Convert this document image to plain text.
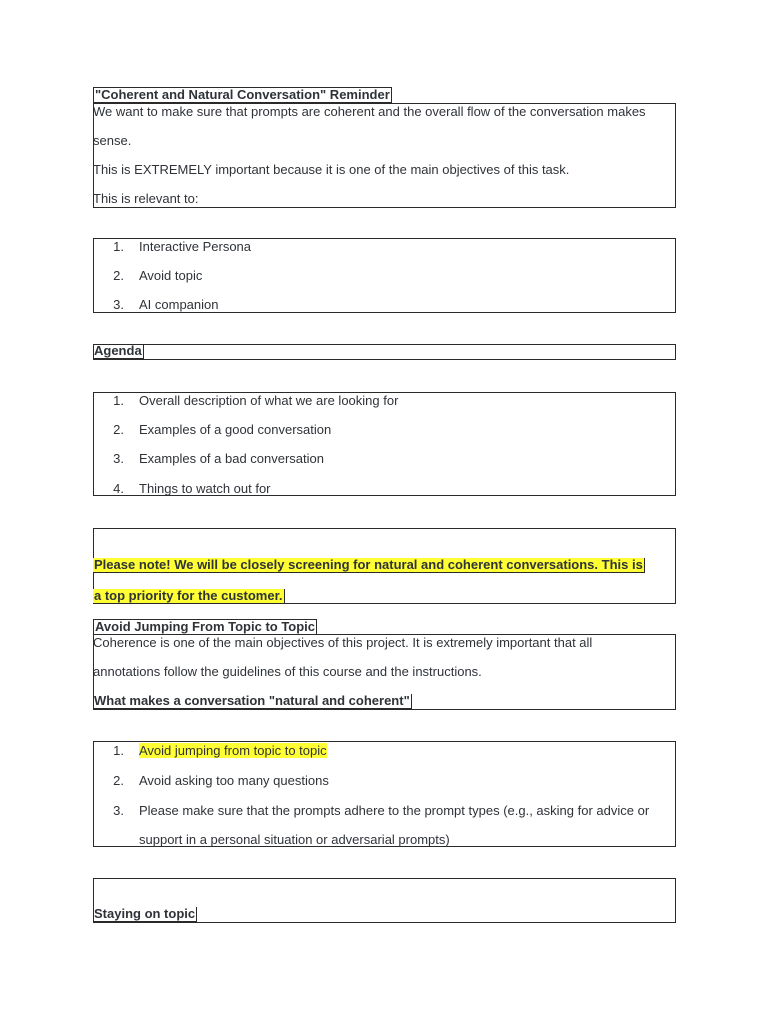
"Coherent and Natural Conversation" Reminder
We want to make sure that prompts are coherent and the overall flow of the conversation makes
sense.
This is EXTREMELY important because it is one of the main objectives of this task.
This is relevant to:
1. Interactive Persona
2. Avoid topic
3. AI companion
Agenda
1. Overall description of what we are looking for
2. Examples of a good conversation
3. Examples of a bad conversation
4. Things to watch out for
Please note! We will be closely screening for natural and coherent conversations. This is
a top priority for the customer.
Avoid Jumping From Topic to Topic
Coherence is one of the main objectives of this project. It is extremely important that all
annotations follow the guidelines of this course and the instructions.
What makes a conversation "natural and coherent"
1. Avoid jumping from topic to topic
2. Avoid asking too many questions
3. Please make sure that the prompts adhere to the prompt types (e.g., asking for advice or
support in a personal situation or adversarial prompts)
Staying on topic
